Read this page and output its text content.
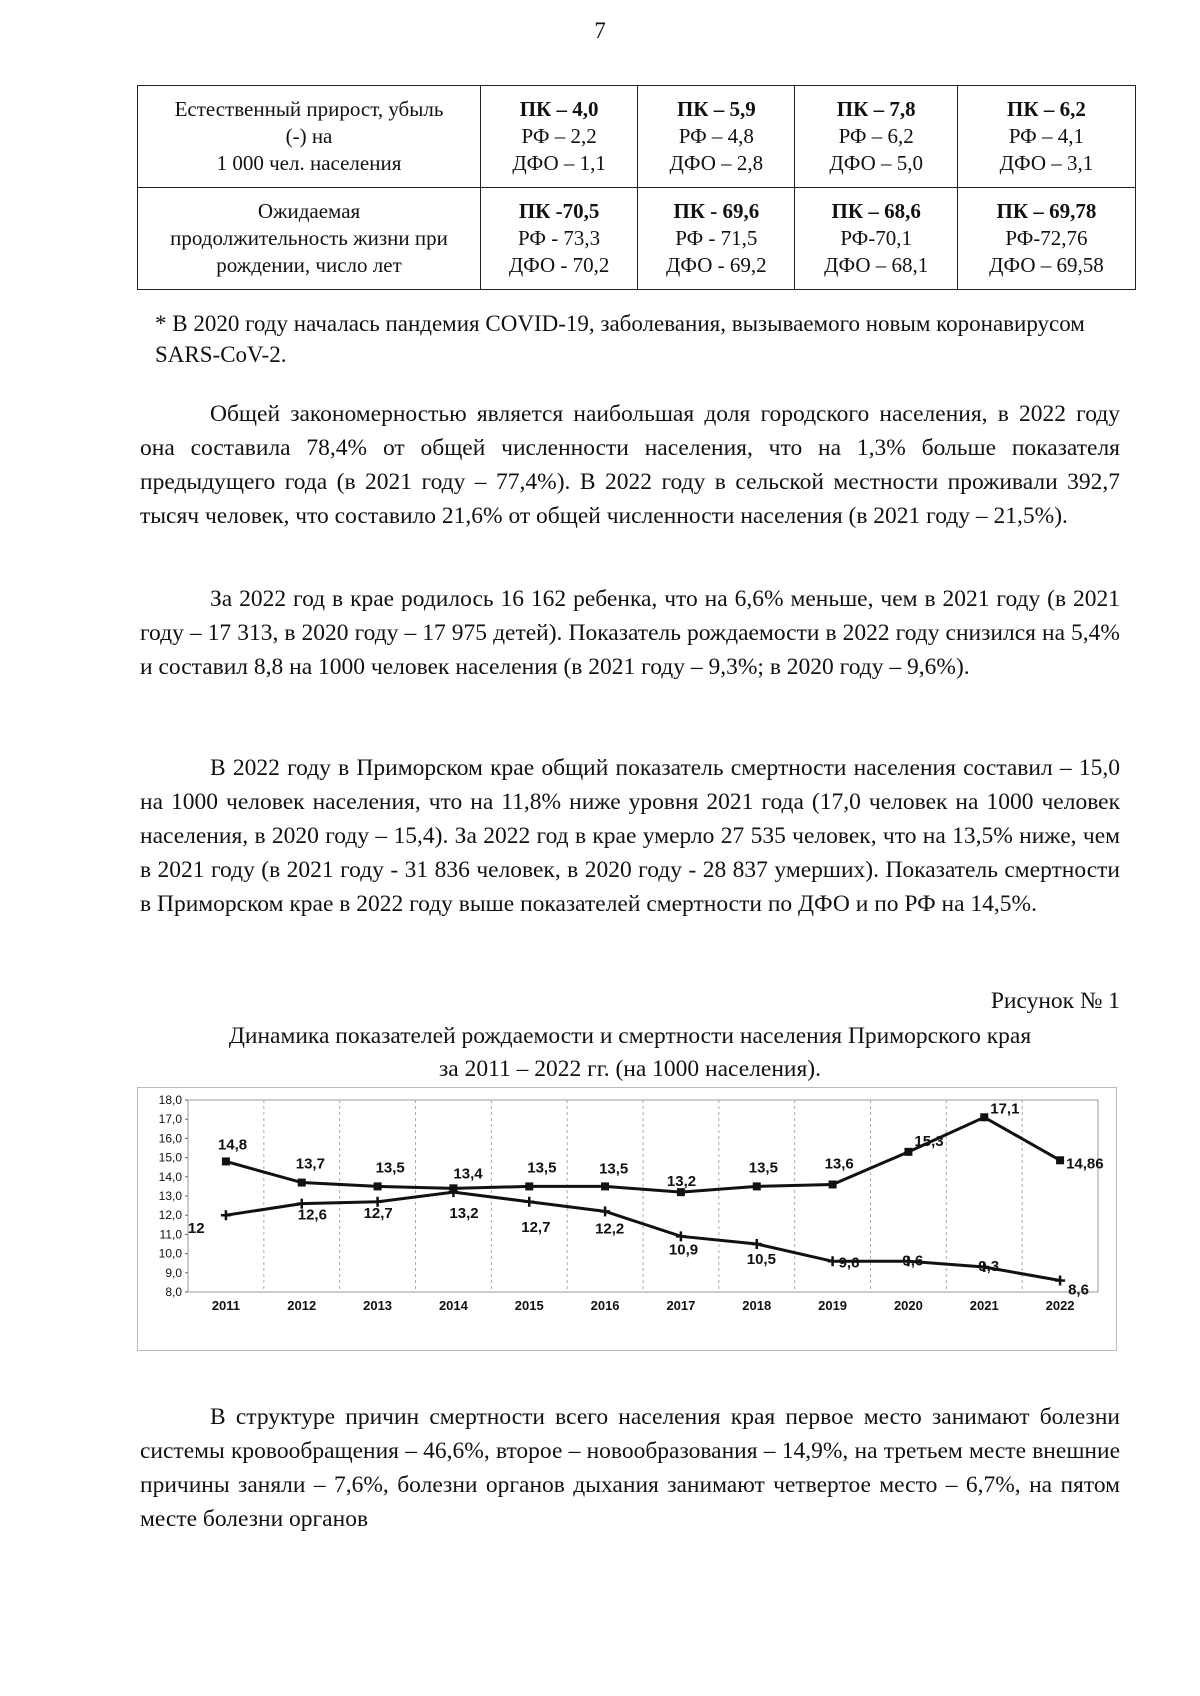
7
Естественный прирост, убыль
(-) на
1 000 чел. населения	ПК – 4,0
РФ – 2,2
ДФО – 1,1	ПК – 5,9
РФ – 4,8
ДФО – 2,8	ПК – 7,8
РФ – 6,2
ДФО – 5,0	ПК – 6,2
РФ – 4,1
ДФО – 3,1

Ожидаемая
продолжительность жизни при
рождении, число лет	ПК -70,5
РФ - 73,3
ДФО - 70,2	ПК - 69,6
РФ - 71,5
ДФО - 69,2	ПК – 68,6
РФ-70,1
ДФО – 68,1	ПК – 69,78
РФ-72,76
ДФО – 69,58
* В 2020 году началась пандемия COVID-19, заболевания, вызываемого новым коронавирусом SARS-CoV-2.
Общей закономерностью является наибольшая доля городского населения, в 2022 году она составила 78,4% от общей численности населения, что на 1,3% больше показателя предыдущего года (в 2021 году – 77,4%). В 2022 году в сельской местности проживали 392,7 тысяч человек, что составило 21,6% от общей численности населения (в 2021 году – 21,5%).
За 2022 год в крае родилось 16 162 ребенка, что на 6,6% меньше, чем в 2021 году (в 2021 году – 17 313, в 2020 году – 17 975 детей). Показатель рождаемости в 2022 году снизился на 5,4% и составил 8,8 на 1000 человек населения (в 2021 году – 9,3%; в 2020 году – 9,6%).
В 2022 году в Приморском крае общий показатель смертности населения составил – 15,0 на 1000 человек населения, что на 11,8% ниже уровня 2021 года (17,0 человек на 1000 человек населения, в 2020 году – 15,4). За 2022 год в крае умерло 27 535 человек, что на 13,5% ниже, чем в 2021 году (в 2021 году - 31 836 человек, в 2020 году - 28 837 умерших). Показатель смертности в Приморском крае в 2022 году выше показателей смертности по ДФО и по РФ на 14,5%.
Рисунок № 1
Динамика показателей рождаемости и смертности населения Приморского края
за 2011 – 2022 гг. (на 1000 населения).
8,0
9,0
10,0
11,0
12,0
13,0
14,0
15,0
16,0
17,0
18,0
2011	2012	2013	2014	2015	2016	2017	2018	2019	2020	2021	2022
14,8
13,7	13,5	13,4	13,5	13,5
13,2
13,5	13,6
15,3
17,1
14,86
12
12,6 12,7	13,2
12,7	12,2
10,9
10,5	9,6	9,6	9,3
8,6
В структуре причин смертности всего населения края первое место занимают болезни системы кровообращения – 46,6%, второе – новообразования – 14,9%, на третьем месте внешние причины заняли – 7,6%, болезни органов дыхания занимают четвертое место – 6,7%, на пятом месте болезни органов
